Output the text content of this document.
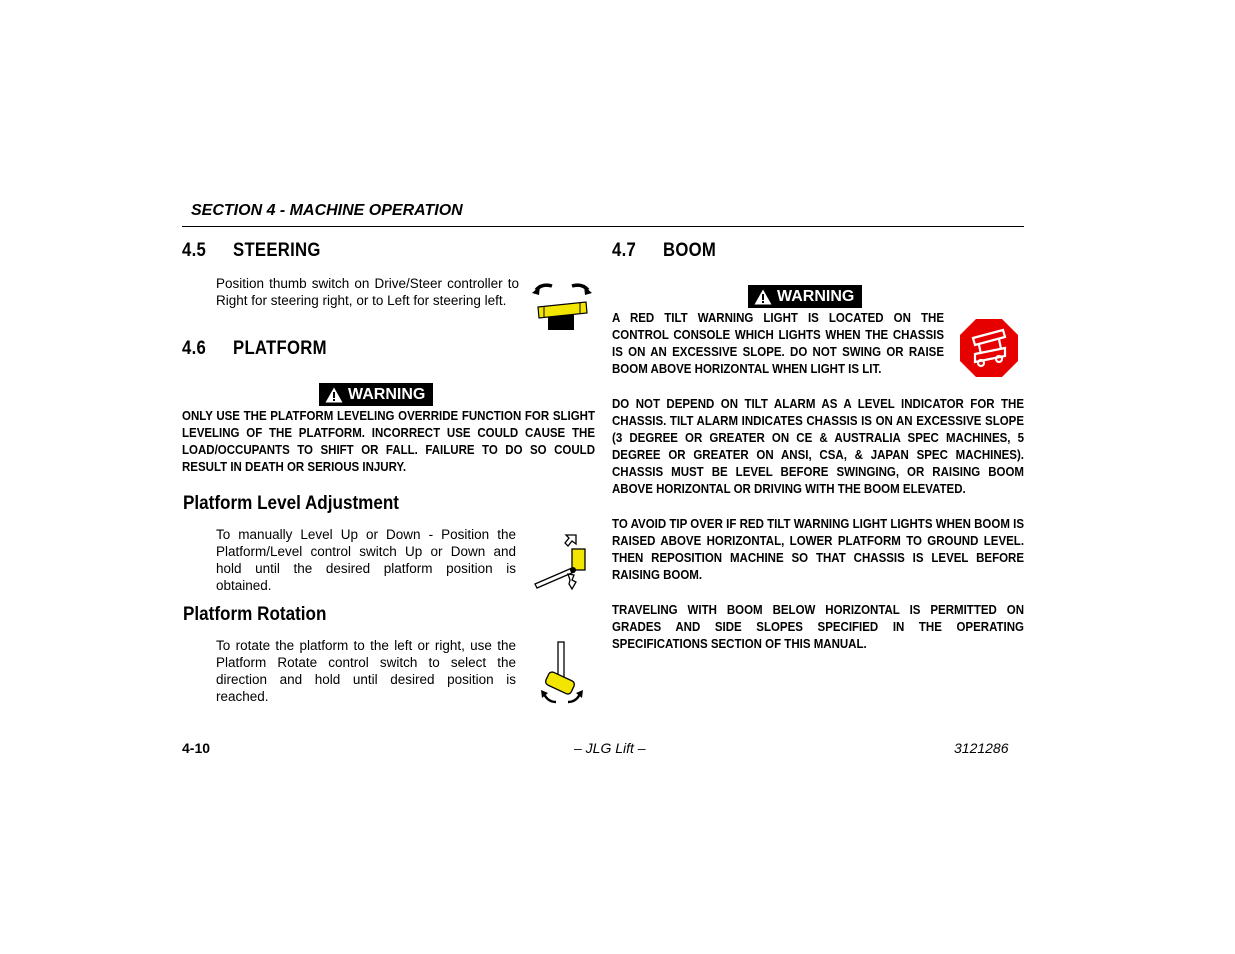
SECTION 4 - MACHINE OPERATION
4.5 STEERING
Position thumb switch on Drive/Steer controller to Right for steering right, or to Left for steering left.
4.6 PLATFORM
WARNING
ONLY USE THE PLATFORM LEVELING OVERRIDE FUNCTION FOR SLIGHT LEVELING OF THE PLATFORM. INCORRECT USE COULD CAUSE THE LOAD/OCCUPANTS TO SHIFT OR FALL. FAILURE TO DO SO COULD RESULT IN DEATH OR SERIOUS INJURY.
Platform Level Adjustment
To manually Level Up or Down - Position the Platform/Level control switch Up or Down and hold until the desired platform position is obtained.
Platform Rotation
To rotate the platform to the left or right, use the Platform Rotate control switch to select the direction and hold until desired position is reached.
4.7 BOOM
WARNING
A RED TILT WARNING LIGHT IS LOCATED ON THE CONTROL CONSOLE WHICH LIGHTS WHEN THE CHASSIS IS ON AN EXCESSIVE SLOPE. DO NOT SWING OR RAISE BOOM ABOVE HORIZONTAL WHEN LIGHT IS LIT.
DO NOT DEPEND ON TILT ALARM AS A LEVEL INDICATOR FOR THE CHASSIS. TILT ALARM INDICATES CHASSIS IS ON AN EXCESSIVE SLOPE (3 DEGREE OR GREATER ON CE & AUSTRALIA SPEC MACHINES, 5 DEGREE OR GREATER ON ANSI, CSA, & JAPAN SPEC MACHINES). CHASSIS MUST BE LEVEL BEFORE SWINGING, OR RAISING BOOM ABOVE HORIZONTAL OR DRIVING WITH THE BOOM ELEVATED.
TO AVOID TIP OVER IF RED TILT WARNING LIGHT LIGHTS WHEN BOOM IS RAISED ABOVE HORIZONTAL, LOWER PLATFORM TO GROUND LEVEL. THEN REPOSITION MACHINE SO THAT CHASSIS IS LEVEL BEFORE RAISING BOOM.
TRAVELING WITH BOOM BELOW HORIZONTAL IS PERMITTED ON GRADES AND SIDE SLOPES SPECIFIED IN THE OPERATING SPECIFICATIONS SECTION OF THIS MANUAL.
4-10	– JLG Lift –	3121286
